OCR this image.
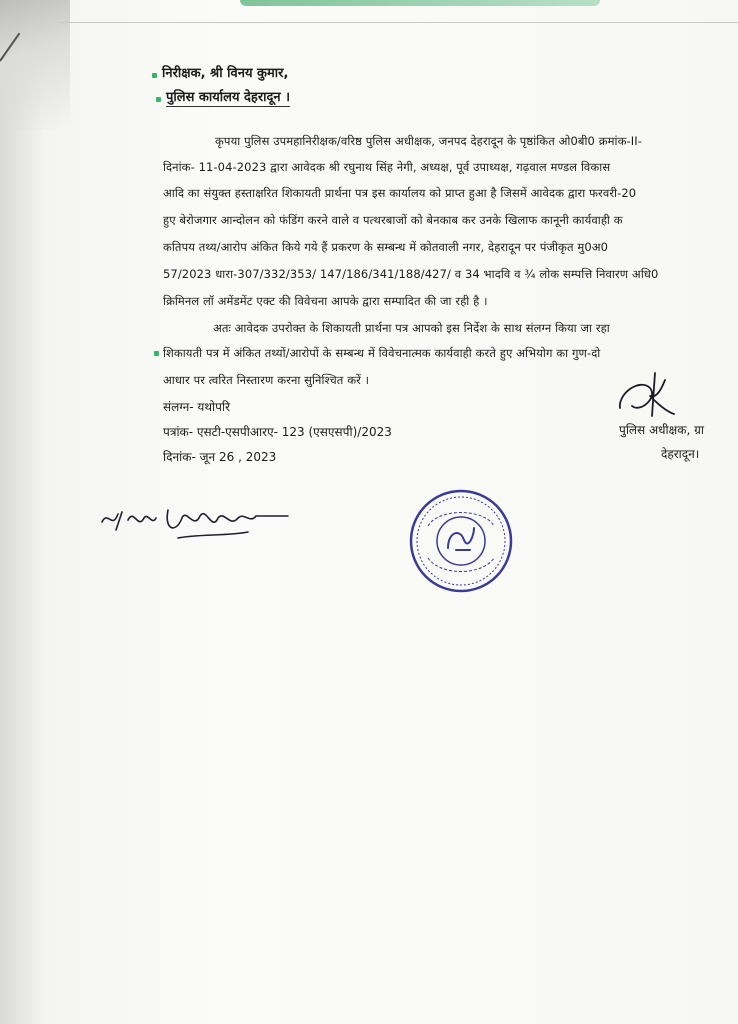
निरीक्षक, श्री विनय कुमार,
पुलिस कार्यालय देहरादून ।
कृपया पुलिस उपमहानिरीक्षक/वरिष्ठ पुलिस अधीक्षक, जनपद देहरादून के पृष्ठांकित ओ0बी0 क्रमांक-II-
दिनांक- 11-04-2023 द्वारा आवेदक श्री रघुनाथ सिंह नेगी, अध्यक्ष, पूर्व उपाध्यक्ष, गढ़वाल मण्डल विकास
आदि का संयुक्त हस्ताक्षरित शिकायती प्रार्थना पत्र इस कार्यालय को प्राप्त हुआ है जिसमें आवेदक द्वारा फरवरी-20
हुए बेरोजगार आन्दोलन को फंडिंग करने वाले व पत्थरबाजों को बेनकाब कर उनके खिलाफ कानूनी कार्यवाही क
कतिपय तथ्य/आरोप अंकित किये गये हैं प्रकरण के सम्बन्ध में कोतवाली नगर, देहरादून पर पंजीकृत मु0अ0
57/2023 धारा-307/332/353/ 147/186/341/188/427/ व 34 भादवि व ¾ लोक सम्पत्ति निवारण अधि0
क्रिमिनल लॉ अमेंडमेंट एक्ट की विवेचना आपके द्वारा सम्पादित की जा रही है ।
अतः आवेदक उपरोक्त के शिकायती प्रार्थना पत्र आपको इस निर्देश के साथ संलग्न किया जा रहा
शिकायती पत्र में अंकित तथ्यों/आरोपों के सम्बन्ध में विवेचनात्मक कार्यवाही करते हुए अभियोग का गुण-दो
आधार पर त्वरित निस्तारण करना सुनिश्चित करें ।
संलग्न- यथोपरि
पत्रांक- एसटी-एसपीआरए- 123 (एसएसपी)/2023
दिनांक- जून 26 , 2023
पुलिस अधीक्षक, ग्रा
देहरादून।
